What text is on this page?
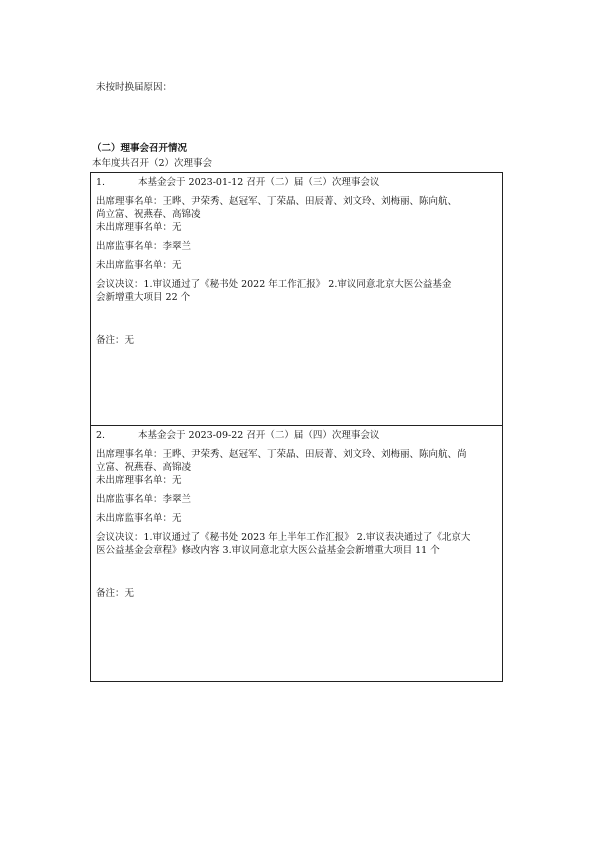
未按时换届原因：
（二）理事会召开情况
本年度共召开（2）次理事会
1.	本基金会于 2023-01-12 召开（二）届（三）次理事会议

出席理事名单：王晔、尹荣秀、赵冠军、丁荣晶、田辰菁、刘文玲、刘梅丽、陈向航、

尚立富、祝燕春、高锦凌

未出席理事名单：无

出席监事名单：李翠兰

未出席监事名单：无

会议决议：1.审议通过了《秘书处 2022 年工作汇报》 2.审议同意北京大医公益基金

会新增重大项目 22 个

备注：无

2.	本基金会于 2023-09-22 召开（二）届（四）次理事会议

出席理事名单：王晔、尹荣秀、赵冠军、丁荣晶、田辰菁、刘文玲、刘梅丽、陈向航、尚

立富、祝燕春、高锦凌

未出席理事名单：无

出席监事名单：李翠兰

未出席监事名单：无

会议决议：1.审议通过了《秘书处 2023 年上半年工作汇报》 2.审议表决通过了《北京大

医公益基金会章程》修改内容 3.审议同意北京大医公益基金会新增重大项目 11 个

备注：无
